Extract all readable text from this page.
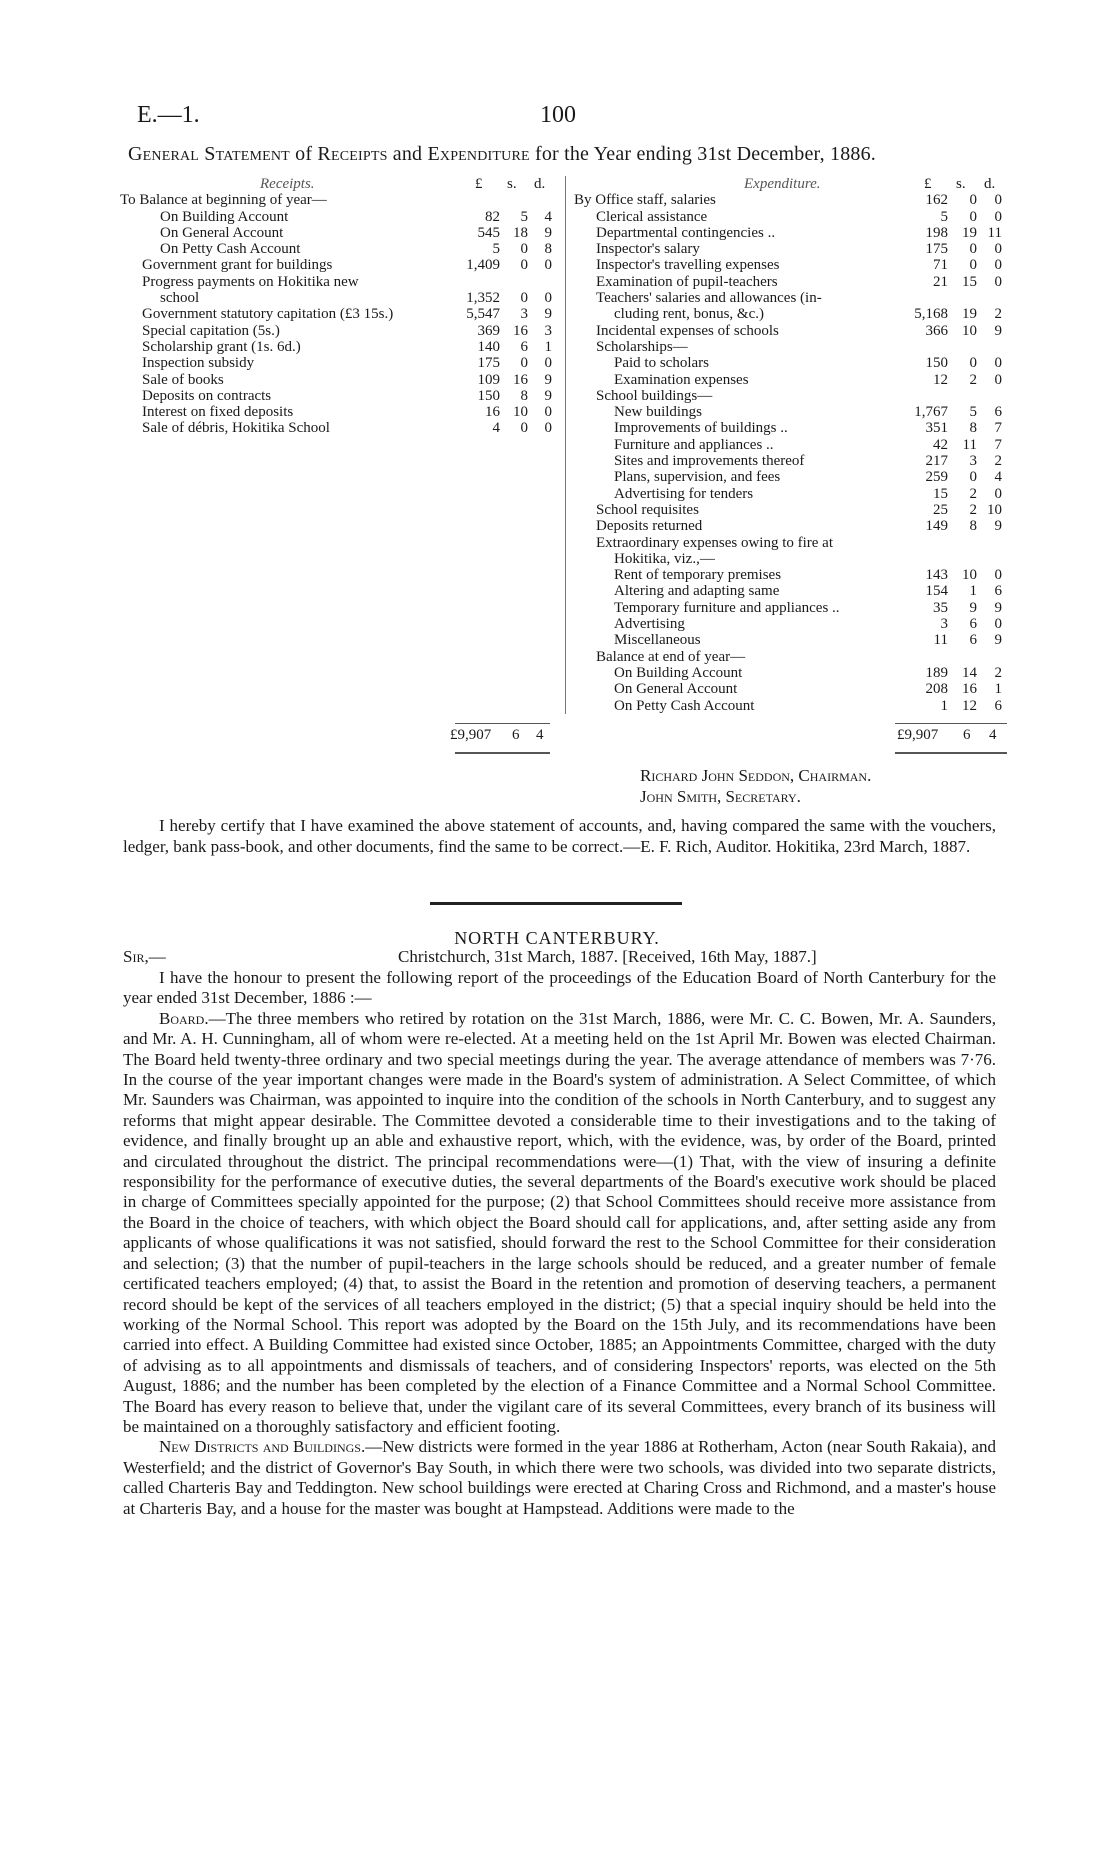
E.—1.	100
General Statement of Receipts and Expenditure for the Year ending 31st December, 1886.
Receipts.	£ s. d.
To Balance at beginning of year—
On Building Account	82	5	4
On General Account	545 18	9
On Petty Cash Account	5	0	8
Government grant for buildings	1,409	0	0
Progress payments on Hokitika new
school	1,352	0	0
Government statutory capitation (£3 15s.)	5,547	3	9
Special capitation (5s.)	369 16	3
Scholarship grant (1s. 6d.)	140	6	1
Inspection subsidy	175	0	0
Sale of books	109 16	9
Deposits on contracts	150	8	9
Interest on fixed deposits	16 10	0
Sale of débris, Hokitika School	4	0	0
Expenditure.	£ s. d.
By Office staff, salaries	162	0	0
Clerical assistance	5	0	0
Departmental contingencies ..	198 19 11
Inspector's salary	175	0	0
Inspector's travelling expenses	71	0	0
Examination of pupil-teachers	21 15	0
Teachers' salaries and allowances (in-
cluding rent, bonus, &c.)	5,168 19	2
Incidental expenses of schools	366 10	9
Scholarships—
Paid to scholars	150	0	0
Examination expenses	12	2	0
School buildings—
New buildings	1,767	5	6
Improvements of buildings ..	351	8	7
Furniture and appliances ..	42 11	7
Sites and improvements thereof	217	3	2
Plans, supervision, and fees	259	0	4
Advertising for tenders	15	2	0
School requisites	25	2 10
Deposits returned	149	8	9
Extraordinary expenses owing to fire at
Hokitika, viz.,—
Rent of temporary premises	143 10	0
Altering and adapting same	154	1	6
Temporary furniture and appliances ..	35	9	9
Advertising	3	6	0
Miscellaneous	11	6	9
Balance at end of year—
On Building Account	189 14	2
On General Account	208 16	1
On Petty Cash Account	1 12	6
£9,907 6 4	£9,907 6 4
Richard John Seddon, Chairman.
John Smith, Secretary.
I hereby certify that I have examined the above statement of accounts, and, having compared the same with the vouchers, ledger, bank pass-book, and other documents, find the same to be correct.—E. F. Rich, Auditor. Hokitika, 23rd March, 1887.
NORTH CANTERBURY.
Sir,—	Christchurch, 31st March, 1887. [Received, 16th May, 1887.]

I have the honour to present the following report of the proceedings of the Education Board of North Canterbury for the year ended 31st December, 1886 :—

Board.—The three members who retired by rotation on the 31st March, 1886, were Mr. C. C. Bowen, Mr. A. Saunders, and Mr. A. H. Cunningham, all of whom were re-elected. At a meeting held on the 1st April Mr. Bowen was elected Chairman. The Board held twenty-three ordinary and two special meetings during the year. The average attendance of members was 7·76. In the course of the year important changes were made in the Board's system of administration. A Select Committee, of which Mr. Saunders was Chairman, was appointed to inquire into the condition of the schools in North Canterbury, and to suggest any reforms that might appear desirable. The Committee devoted a considerable time to their investigations and to the taking of evidence, and finally brought up an able and exhaustive report, which, with the evidence, was, by order of the Board, printed and circulated throughout the district. The principal recommendations were—(1) That, with the view of insuring a definite responsibility for the performance of executive duties, the several departments of the Board's executive work should be placed in charge of Committees specially appointed for the purpose; (2) that School Committees should receive more assistance from the Board in the choice of teachers, with which object the Board should call for applications, and, after setting aside any from applicants of whose qualifications it was not satisfied, should forward the rest to the School Committee for their consideration and selection; (3) that the number of pupil-teachers in the large schools should be reduced, and a greater number of female certificated teachers employed; (4) that, to assist the Board in the retention and promotion of deserving teachers, a permanent record should be kept of the services of all teachers employed in the district; (5) that a special inquiry should be held into the working of the Normal School. This report was adopted by the Board on the 15th July, and its recommendations have been carried into effect. A Building Committee had existed since October, 1885; an Appointments Committee, charged with the duty of advising as to all appointments and dismissals of teachers, and of considering Inspectors' reports, was elected on the 5th August, 1886; and the number has been completed by the election of a Finance Committee and a Normal School Committee. The Board has every reason to believe that, under the vigilant care of its several Committees, every branch of its business will be maintained on a thoroughly satisfactory and efficient footing.

New Districts and Buildings.—New districts were formed in the year 1886 at Rotherham, Acton (near South Rakaia), and Westerfield; and the district of Governor's Bay South, in which there were two schools, was divided into two separate districts, called Charteris Bay and Teddington. New school buildings were erected at Charing Cross and Richmond, and a master's house at Charteris Bay, and a house for the master was bought at Hampstead. Additions were made to the
